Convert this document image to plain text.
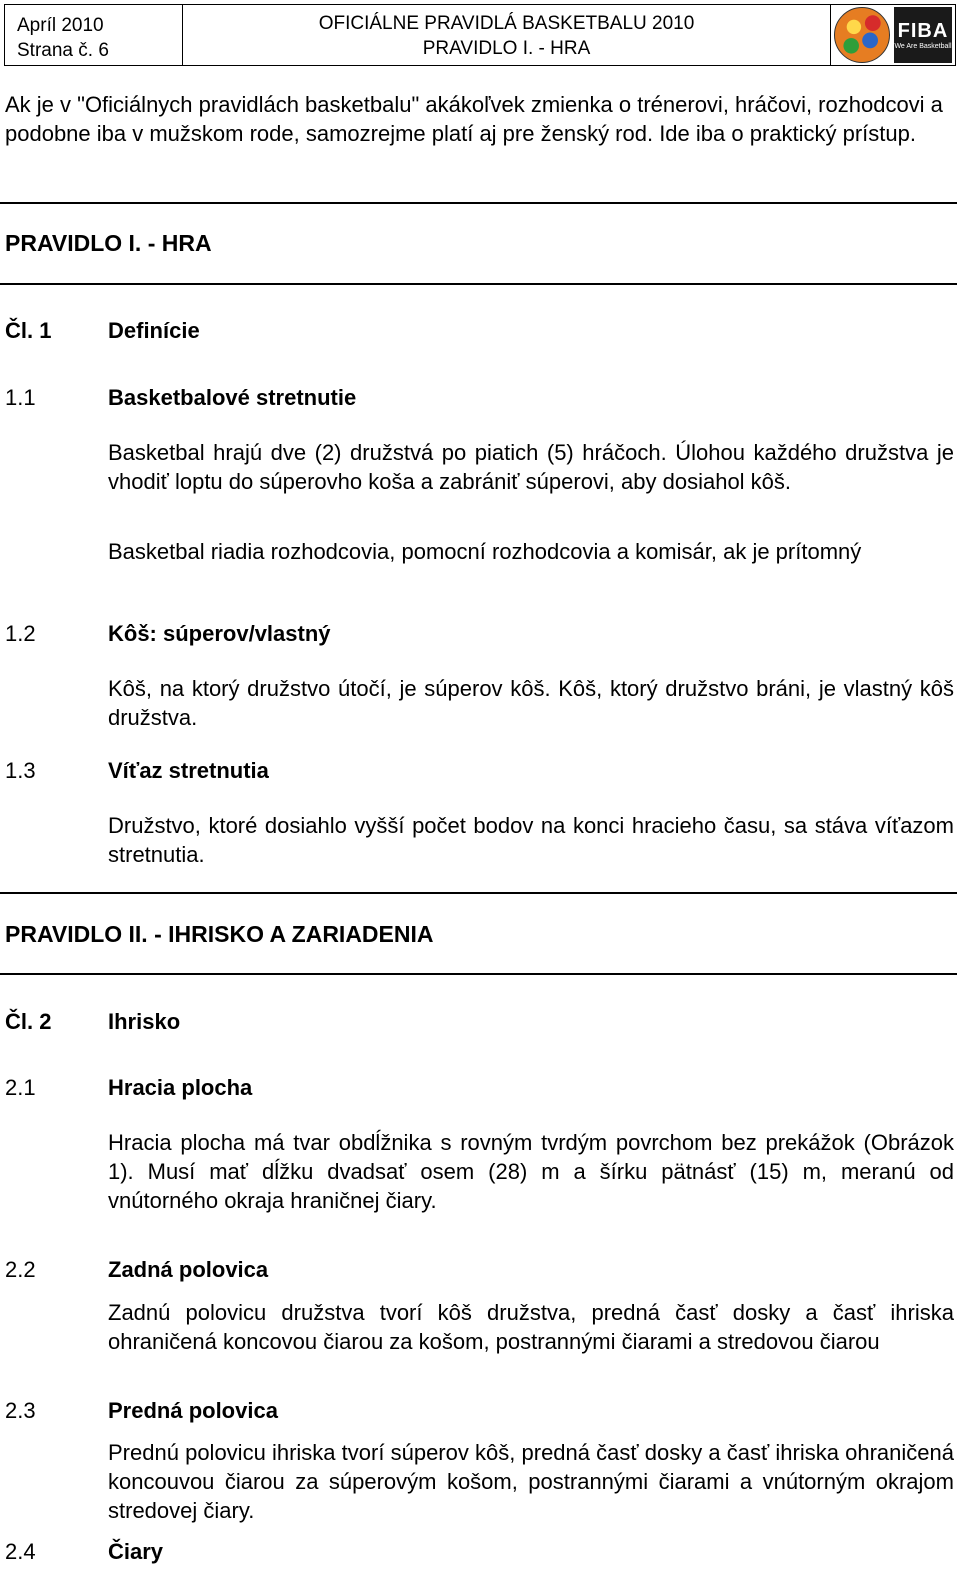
Apríl 2010
Strana č. 6
OFICIÁLNE PRAVIDLÁ BASKETBALU 2010
PRAVIDLO I. - HRA
FIBA
We Are Basketball
Ak je v "Oficiálnych pravidlách basketbalu" akákoľvek zmienka o trénerovi, hráčovi, rozhodcovi a podobne iba v mužskom rode, samozrejme platí aj pre ženský rod. Ide iba o praktický prístup.
PRAVIDLO I. - HRA
Čl. 1	Definície
1.1	Basketbalové stretnutie
Basketbal hrajú dve (2) družstvá po piatich (5) hráčoch. Úlohou každého družstva je vhodiť loptu do súperovho koša a zabrániť súperovi, aby dosiahol kôš.
Basketbal riadia rozhodcovia, pomocní rozhodcovia a komisár, ak je prítomný
1.2	Kôš: súperov/vlastný
Kôš, na ktorý družstvo útočí, je súperov kôš. Kôš, ktorý družstvo bráni, je vlastný kôš družstva.
1.3	Víťaz stretnutia
Družstvo, ktoré dosiahlo vyšší počet bodov na konci hracieho času, sa stáva víťazom stretnutia.
PRAVIDLO II. - IHRISKO A ZARIADENIA
Čl. 2	Ihrisko
2.1	Hracia plocha
Hracia plocha má tvar obdĺžnika s rovným tvrdým povrchom bez prekážok (Obrázok 1). Musí mať dĺžku dvadsať osem (28) m a šírku pätnásť (15) m, meranú od vnútorného okraja hraničnej čiary.
2.2	Zadná polovica
Zadnú polovicu družstva tvorí kôš družstva, predná časť dosky a časť ihriska ohraničená koncovou čiarou za košom, postrannými čiarami a stredovou čiarou
2.3	Predná polovica
Prednú polovicu ihriska tvorí súperov kôš, predná časť dosky a časť ihriska ohraničená koncouvou čiarou za súperovým košom, postrannými čiarami a vnútorným okrajom stredovej čiary.
2.4	Čiary
